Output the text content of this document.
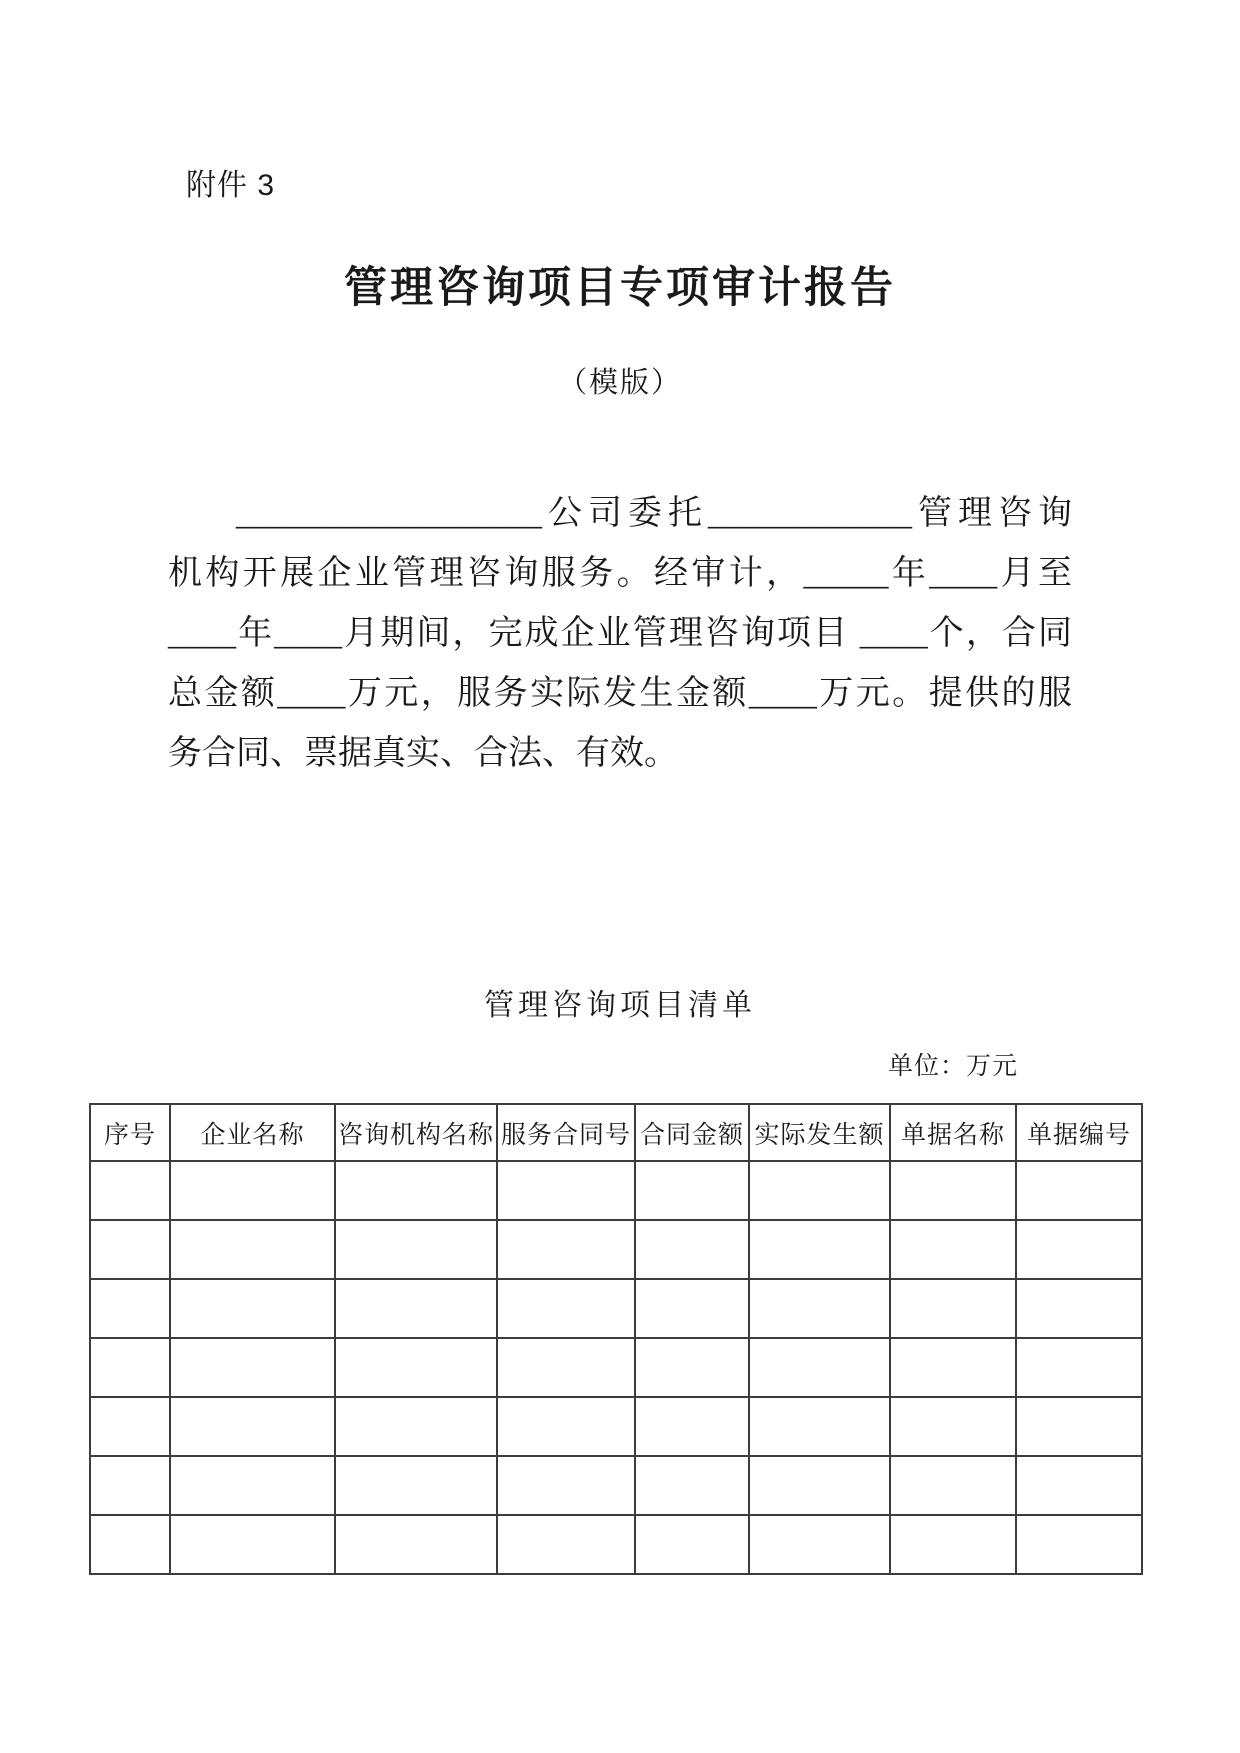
附件 3
管理咨询项目专项审计报告
（模版）
__________________公司委托____________管理咨询
机构开展企业管理咨询服务。经审计，_____年____月至
____年____月期间，完成企业管理咨询项目 ____个，合同
总金额____万元，服务实际发生金额____万元。提供的服
务合同、票据真实、合法、有效。
管理咨询项目清单
单位：万元
序号	企业名称	咨询机构名称	服务合同号	合同金额	实际发生额	单据名称	单据编号
